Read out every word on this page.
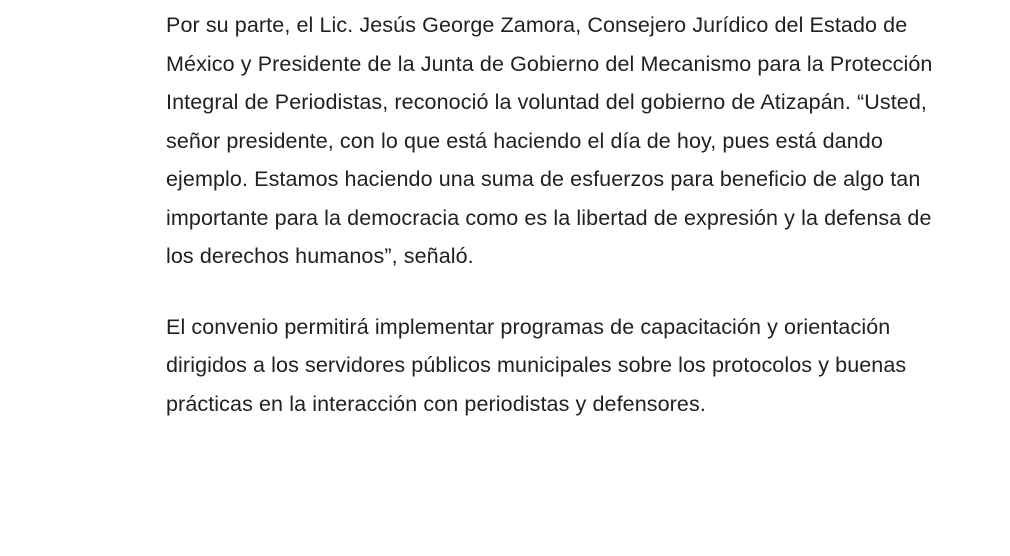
Por su parte, el Lic. Jesús George Zamora, Consejero Jurídico del Estado de México y Presidente de la Junta de Gobierno del Mecanismo para la Protección Integral de Periodistas, reconoció la voluntad del gobierno de Atizapán. “Usted, señor presidente, con lo que está haciendo el día de hoy, pues está dando ejemplo. Estamos haciendo una suma de esfuerzos para beneficio de algo tan importante para la democracia como es la libertad de expresión y la defensa de los derechos humanos”, señaló.

El convenio permitirá implementar programas de capacitación y orientación dirigidos a los servidores públicos municipales sobre los protocolos y buenas prácticas en la interacción con periodistas y defensores.
